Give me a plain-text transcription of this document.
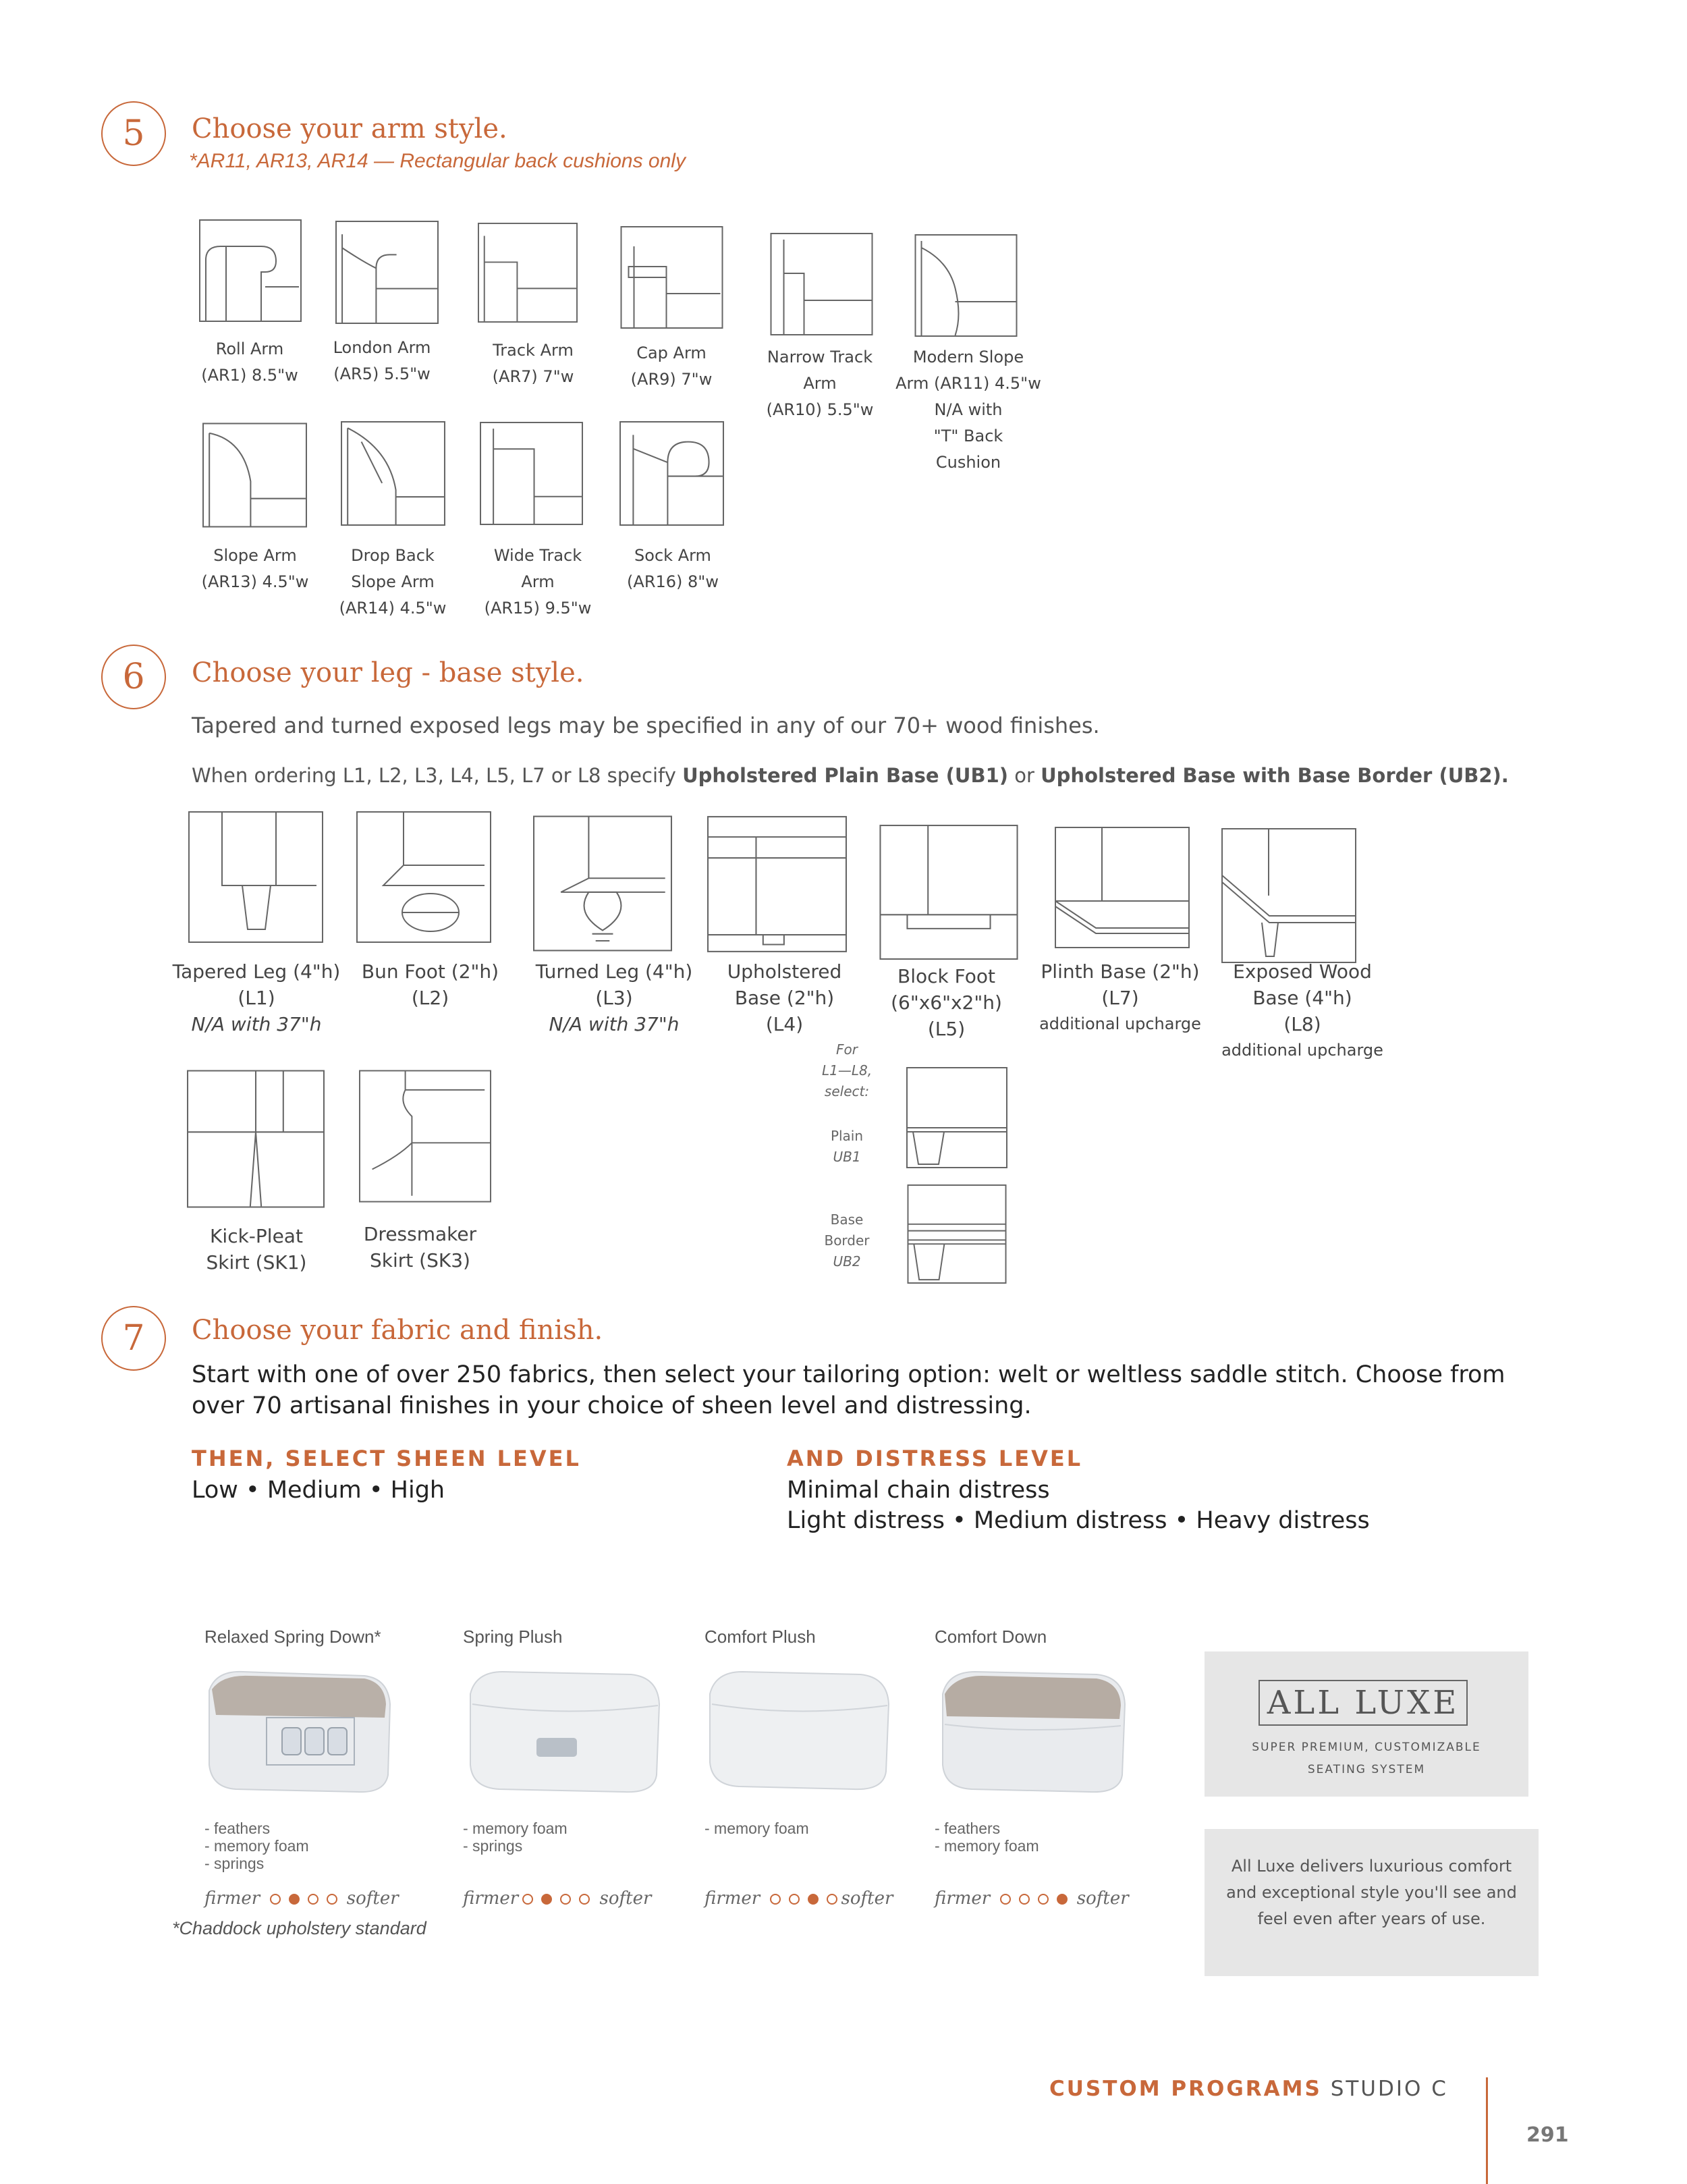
5	Choose your arm style.
*AR11, AR13, AR14 — Rectangular back cushions only
Roll Arm
(AR1) 8.5"w
London Arm
(AR5) 5.5"w
Track Arm
(AR7) 7"w
Cap Arm
(AR9) 7"w
Narrow Track
Arm
(AR10) 5.5"w
Modern Slope
Arm (AR11) 4.5"w
N/A with
"T" Back
Cushion
Slope Arm
(AR13) 4.5"w
Drop Back
Slope Arm
(AR14) 4.5"w
Wide Track
Arm
(AR15) 9.5"w
Sock Arm
(AR16) 8"w
6	Choose your leg - base style.
Tapered and turned exposed legs may be specified in any of our 70+ wood finishes.
When ordering L1, L2, L3, L4, L5, L7 or L8 specify Upholstered Plain Base (UB1) or Upholstered Base with Base Border (UB2).
Tapered Leg (4"h)
(L1)
N/A with 37"h
Bun Foot (2"h)
(L2)
Turned Leg (4"h)
(L3)
N/A with 37"h
Upholstered
Base (2"h)
(L4)
Block Foot
(6"x6"x2"h)
(L5)
Plinth Base (2"h)
(L7)
additional upcharge
Exposed Wood
Base (4"h)
(L8)
additional upcharge
Kick-Pleat
Skirt (SK1)
Dressmaker
Skirt (SK3)
For
L1—L8,
select:
Plain
UB1
Base
Border
UB2
7	Choose your fabric and finish.
Start with one of over 250 fabrics, then select your tailoring option: welt or weltless saddle stitch. Choose from over 70 artisanal finishes in your choice of sheen level and distressing.
THEN, SELECT SHEEN LEVEL
Low • Medium • High
AND DISTRESS LEVEL
Minimal chain distress
Light distress • Medium distress • Heavy distress
Relaxed Spring Down*	Spring Plush	Comfort Plush	Comfort Down
- feathers
- memory foam
- springs
- memory foam
- springs
- memory foam	- feathers
- memory foam
firmer	softer	firmer	softer	firmer	softer firmer	softer
*Chaddock upholstery standard
ALL LUXE
SUPER PREMIUM, CUSTOMIZABLE
SEATING SYSTEM
All Luxe delivers luxurious comfort and exceptional style you'll see and feel even after years of use.
CUSTOM PROGRAMS STUDIO C
291
